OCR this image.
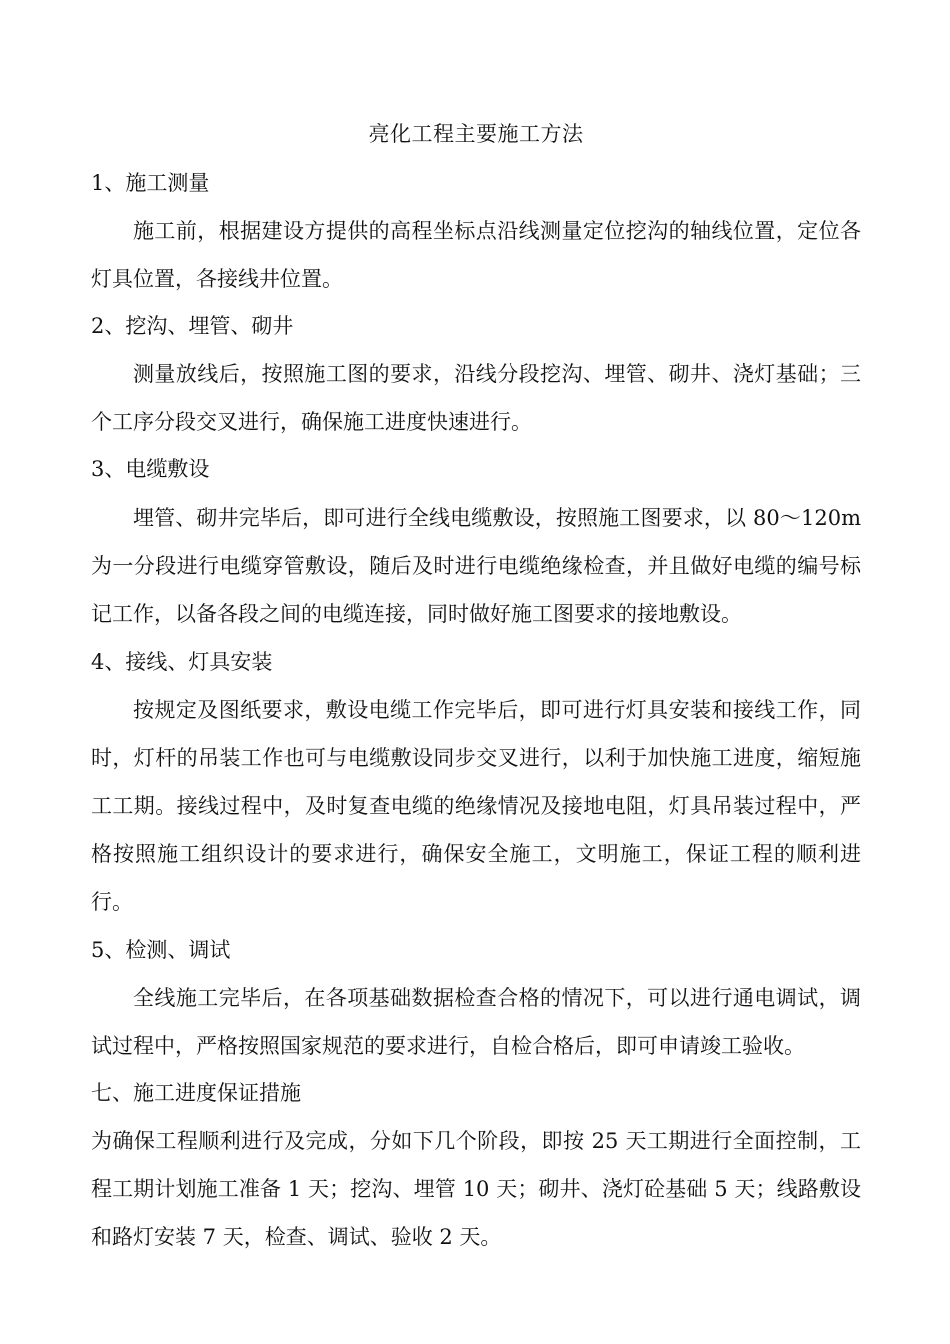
亮化工程主要施工方法
1、施工测量
施工前，根据建设方提供的高程坐标点沿线测量定位挖沟的轴线位置，定位各灯具位置，各接线井位置。
2、挖沟、埋管、砌井
测量放线后，按照施工图的要求，沿线分段挖沟、埋管、砌井、浇灯基础；三个工序分段交叉进行，确保施工进度快速进行。
3、电缆敷设
埋管、砌井完毕后，即可进行全线电缆敷设，按照施工图要求，以 80～120m 为一分段进行电缆穿管敷设，随后及时进行电缆绝缘检查，并且做好电缆的编号标记工作，以备各段之间的电缆连接，同时做好施工图要求的接地敷设。
4、接线、灯具安装
按规定及图纸要求，敷设电缆工作完毕后，即可进行灯具安装和接线工作，同时，灯杆的吊装工作也可与电缆敷设同步交叉进行，以利于加快施工进度，缩短施工工期。接线过程中，及时复查电缆的绝缘情况及接地电阻，灯具吊装过程中，严格按照施工组织设计的要求进行，确保安全施工，文明施工，保证工程的顺利进行。
5、检测、调试
全线施工完毕后，在各项基础数据检查合格的情况下，可以进行通电调试，调试过程中，严格按照国家规范的要求进行，自检合格后，即可申请竣工验收。
七、施工进度保证措施
为确保工程顺利进行及完成，分如下几个阶段，即按 25 天工期进行全面控制，工程工期计划施工准备 1 天；挖沟、埋管 10 天；砌井、浇灯砼基础 5 天；线路敷设和路灯安装 7 天，检查、调试、验收 2 天。
